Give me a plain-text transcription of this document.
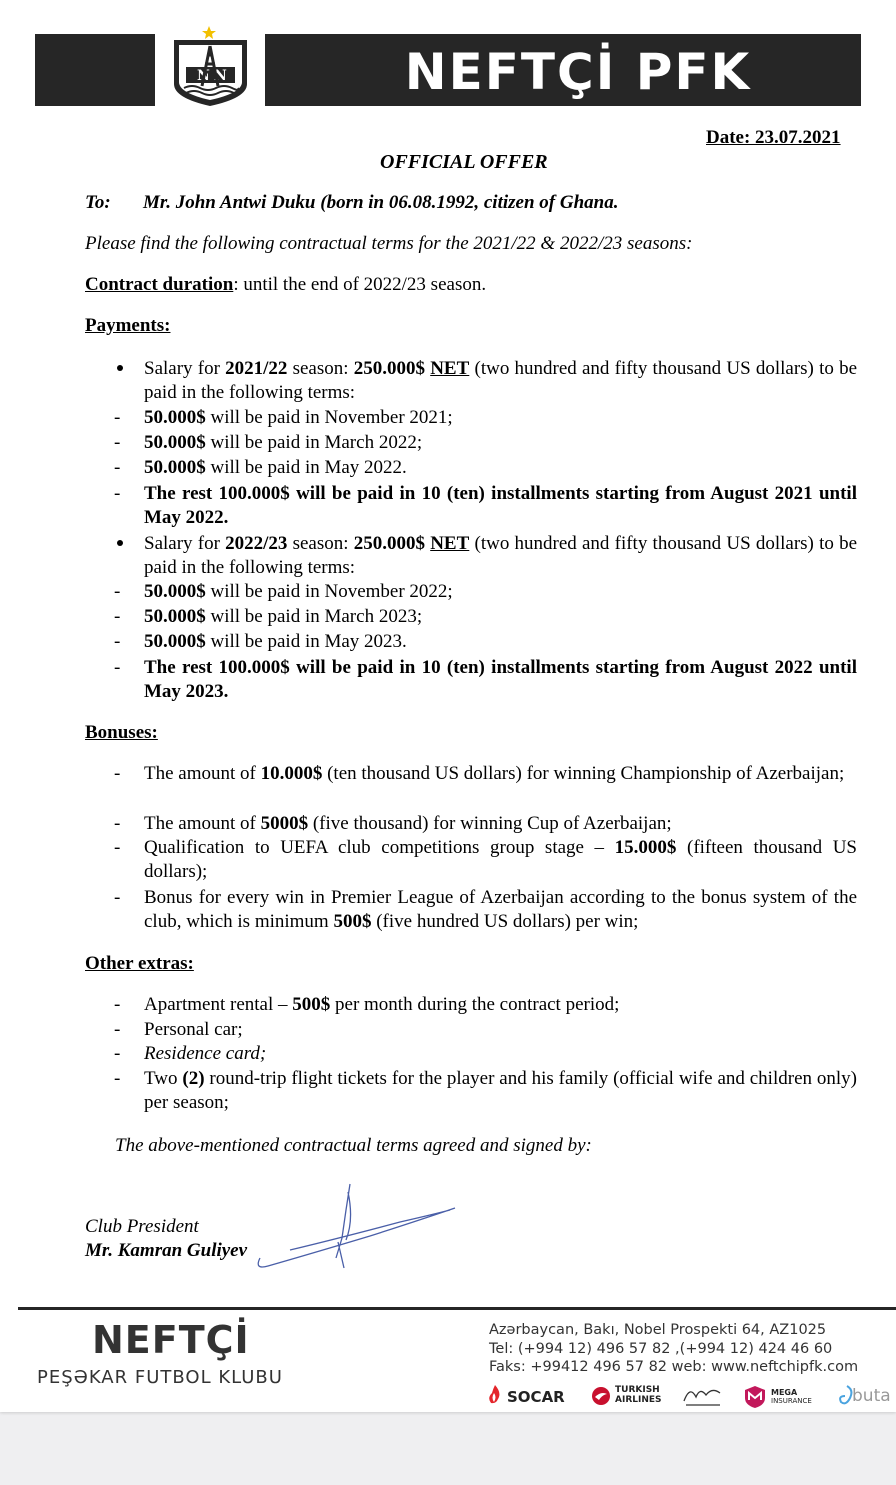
N N	NEFTÇİ PFK
Date: 23.07.2021
OFFICIAL OFFER
To: Mr. John Antwi Duku (born in 06.08.1992, citizen of Ghana.
Please find the following contractual terms for the 2021/22 & 2022/23 seasons:
Contract duration: until the end of 2022/23 season.
Payments:
Salary for 2021/22 season: 250.000$ NET (two hundred and fifty thousand US dollars) to be paid in the following terms:
- 50.000$ will be paid in November 2021;
- 50.000$ will be paid in March 2022;
- 50.000$ will be paid in May 2022.
- The rest 100.000$ will be paid in 10 (ten) installments starting from August 2021 until May 2022.
Salary for 2022/23 season: 250.000$ NET (two hundred and fifty thousand US dollars) to be paid in the following terms:
- 50.000$ will be paid in November 2022;
- 50.000$ will be paid in March 2023;
- 50.000$ will be paid in May 2023.
- The rest 100.000$ will be paid in 10 (ten) installments starting from August 2022 until May 2023.
Bonuses:
- The amount of 10.000$ (ten thousand US dollars) for winning Championship of Azerbaijan;
- The amount of 5000$ (five thousand) for winning Cup of Azerbaijan;
- Qualification to UEFA club competitions group stage – 15.000$ (fifteen thousand US dollars);
- Bonus for every win in Premier League of Azerbaijan according to the bonus system of the club, which is minimum 500$ (five hundred US dollars) per win;
Other extras:
- Apartment rental – 500$ per month during the contract period;
- Personal car;
- Residence card;
- Two (2) round-trip flight tickets for the player and his family (official wife and children only) per season;
The above-mentioned contractual terms agreed and signed by:
Club President
Mr. Kamran Guliyev
NEFTÇİ
PEŞƏKAR FUTBOL KLUBU
Azərbaycan, Bakı, Nobel Prospekti 64, AZ1025
Tel: (+994 12) 496 57 82 ,(+994 12) 424 46 60
Faks: +99412 496 57 82 web: www.neftchipfk.com
SOCAR	TURKISH
AIRLINES
MEGA
INSURANCE buta
